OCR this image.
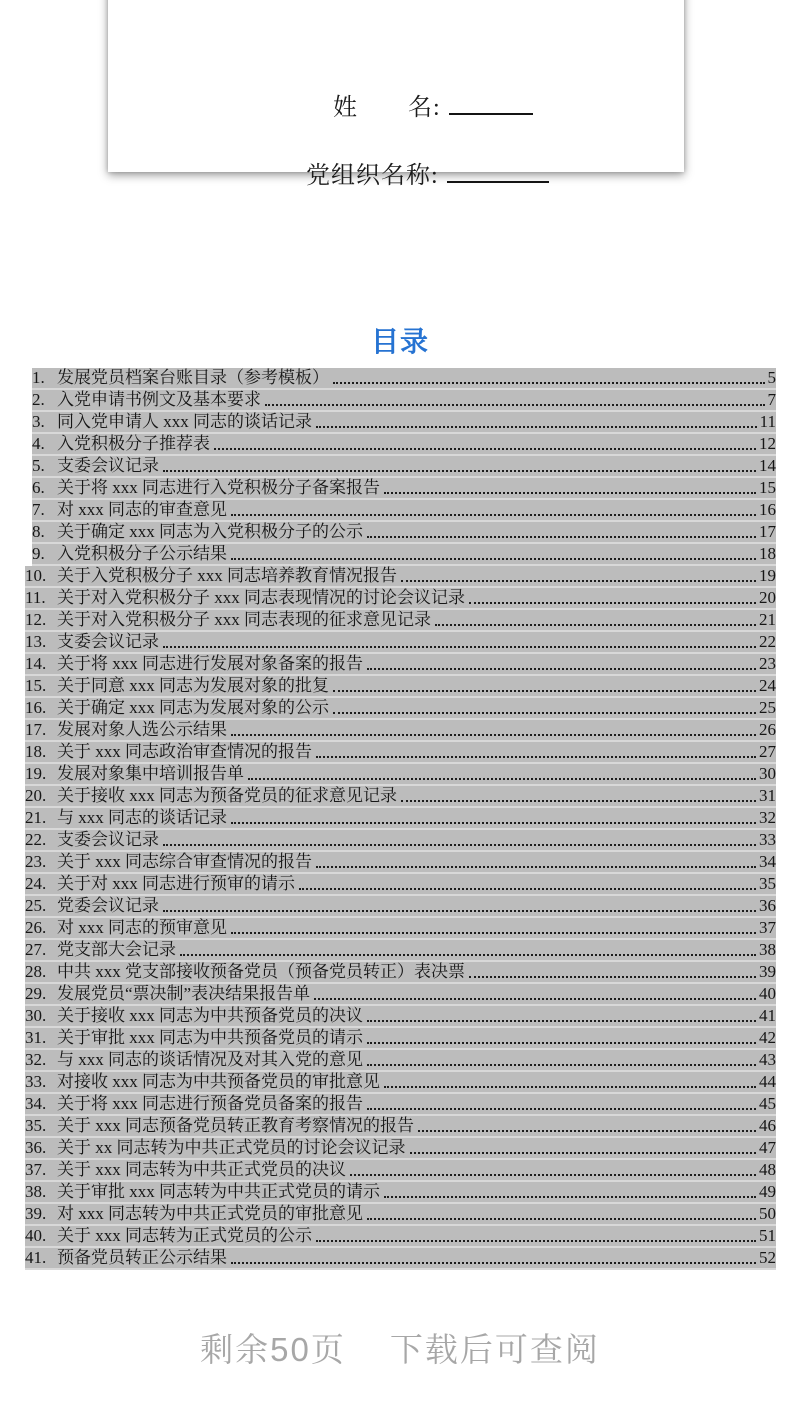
姓　　名:

党组织名称:

目录
1. 发展党员档案台账目录（参考模板）	5
2. 入党申请书例文及基本要求	7
3. 同入党申请人 xxx 同志的谈话记录	11
4. 入党积极分子推荐表	12
5. 支委会议记录	14
6. 关于将 xxx 同志进行入党积极分子备案报告	15
7. 对 xxx 同志的审查意见	16
8. 关于确定 xxx 同志为入党积极分子的公示	17
9. 入党积极分子公示结果	18
10. 关于入党积极分子 xxx 同志培养教育情况报告	19
11. 关于对入党积极分子 xxx 同志表现情况的讨论会议记录	20
12. 关于对入党积极分子 xxx 同志表现的征求意见记录	21
13. 支委会议记录	22
14. 关于将 xxx 同志进行发展对象备案的报告	23
15. 关于同意 xxx 同志为发展对象的批复	24
16. 关于确定 xxx 同志为发展对象的公示	25
17. 发展对象人选公示结果	26
18. 关于 xxx 同志政治审查情况的报告	27
19. 发展对象集中培训报告单	30
20. 关于接收 xxx 同志为预备党员的征求意见记录	31
21. 与 xxx 同志的谈话记录	32
22. 支委会议记录	33
23. 关于 xxx 同志综合审查情况的报告	34
24. 关于对 xxx 同志进行预审的请示	35
25. 党委会议记录	36
26. 对 xxx 同志的预审意见	37
27. 党支部大会记录	38
28. 中共 xxx 党支部接收预备党员（预备党员转正）表决票	39
29. 发展党员“票决制”表决结果报告单	40
30. 关于接收 xxx 同志为中共预备党员的决议	41
31. 关于审批 xxx 同志为中共预备党员的请示	42
32. 与 xxx 同志的谈话情况及对其入党的意见	43
33. 对接收 xxx 同志为中共预备党员的审批意见	44
34. 关于将 xxx 同志进行预备党员备案的报告	45
35. 关于 xxx 同志预备党员转正教育考察情况的报告	46
36. 关于 xx 同志转为中共正式党员的讨论会议记录	47
37. 关于 xxx 同志转为中共正式党员的决议	48
38. 关于审批 xxx 同志转为中共正式党员的请示	49
39. 对 xxx 同志转为中共正式党员的审批意见	50
40. 关于 xxx 同志转为正式党员的公示	51
41. 预备党员转正公示结果	52
剩余50页 下载后可查阅
